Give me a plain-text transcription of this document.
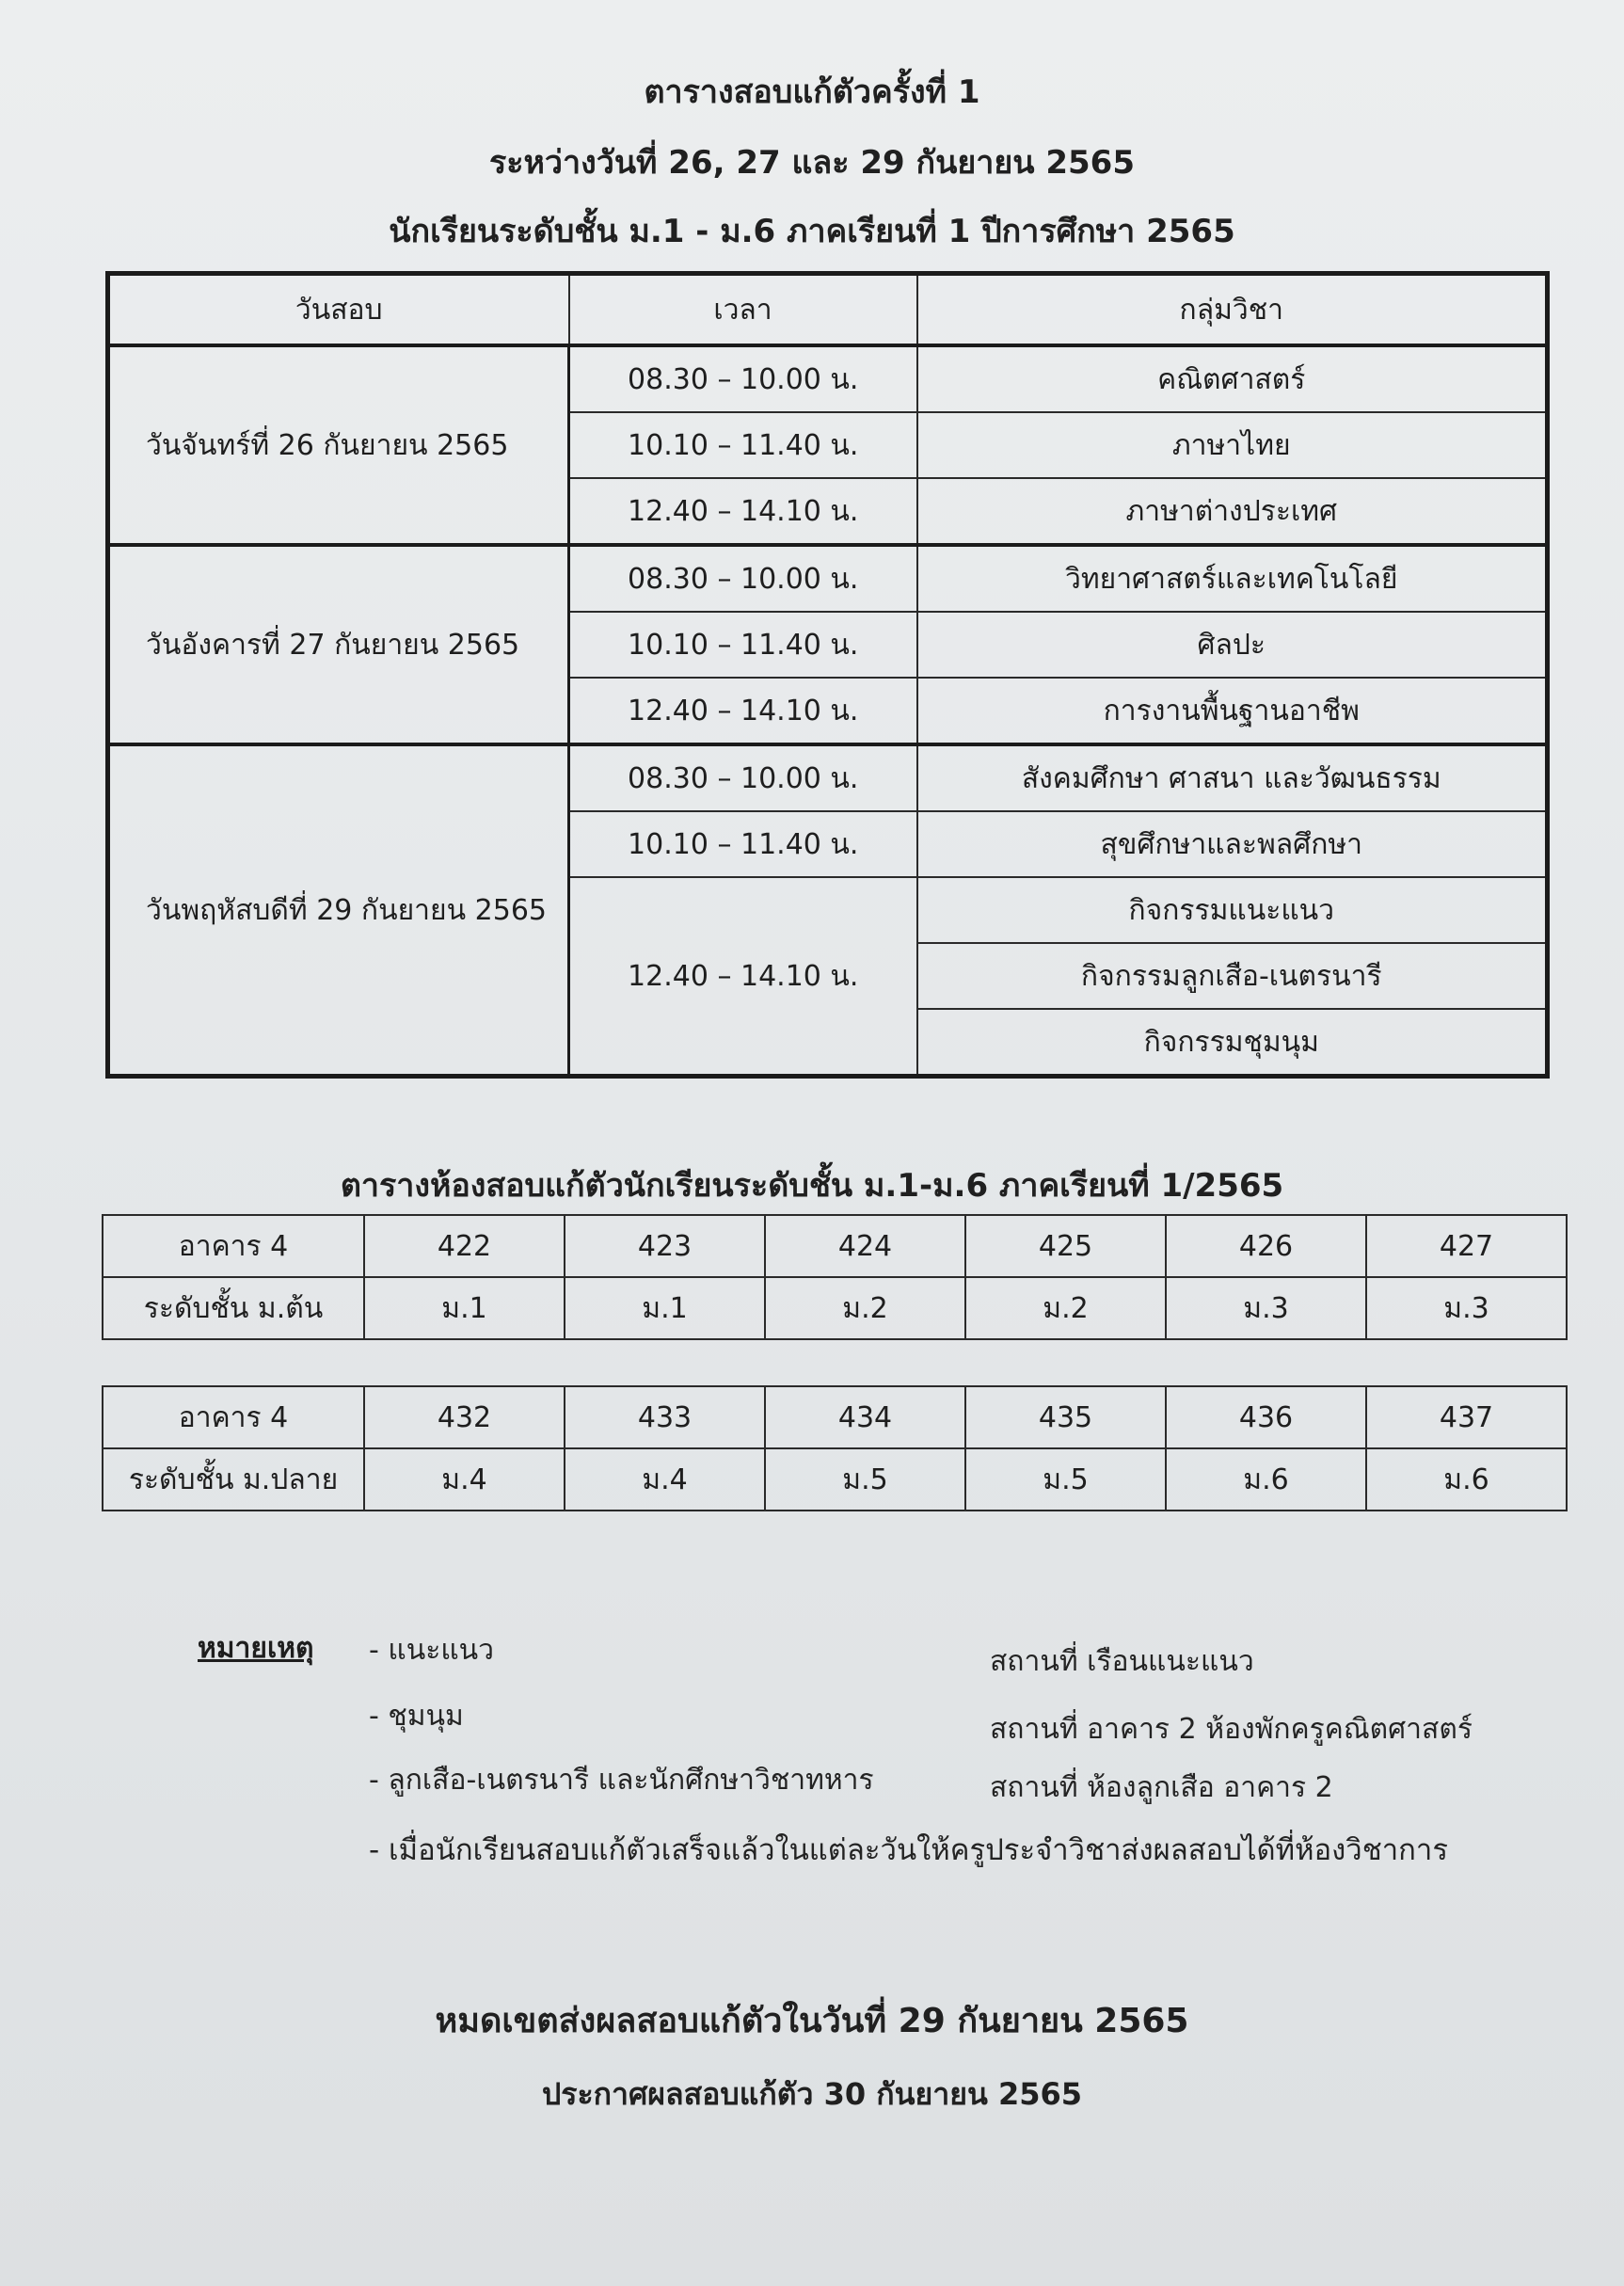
ตารางสอบแก้ตัวครั้งที่ 1
ระหว่างวันที่ 26, 27 และ 29 กันยายน 2565
นักเรียนระดับชั้น ม.1 - ม.6 ภาคเรียนที่ 1 ปีการศึกษา 2565
วันสอบ	เวลา	กลุ่มวิชา
วันจันทร์ที่ 26 กันยายน 2565	08.30 – 10.00 น.	คณิตศาสตร์
	10.10 – 11.40 น.	ภาษาไทย
	12.40 – 14.10 น.	ภาษาต่างประเทศ
วันอังคารที่ 27 กันยายน 2565	08.30 – 10.00 น.	วิทยาศาสตร์และเทคโนโลยี
	10.10 – 11.40 น.	ศิลปะ
	12.40 – 14.10 น.	การงานพื้นฐานอาชีพ
วันพฤหัสบดีที่ 29 กันยายน 2565	08.30 – 10.00 น.	สังคมศึกษา ศาสนา และวัฒนธรรม
	10.10 – 11.40 น.	สุขศึกษาและพลศึกษา
	12.40 – 14.10 น.	กิจกรรมแนะแนว
		กิจกรรมลูกเสือ-เนตรนารี
		กิจกรรมชุมนุม
ตารางห้องสอบแก้ตัวนักเรียนระดับชั้น ม.1-ม.6 ภาคเรียนที่ 1/2565
อาคาร 4	422	423	424	425	426	427
ระดับชั้น ม.ต้น	ม.1	ม.1	ม.2	ม.2	ม.3	ม.3
อาคาร 4	432	433	434	435	436	437
ระดับชั้น ม.ปลาย	ม.4	ม.4	ม.5	ม.5	ม.6	ม.6
หมายเหตุ - แนะแนว
- ชุมนุม
- ลูกเสือ-เนตรนารี และนักศึกษาวิชาทหาร
- เมื่อนักเรียนสอบแก้ตัวเสร็จแล้วในแต่ละวันให้ครูประจำวิชาส่งผลสอบได้ที่ห้องวิชาการ
สถานที่ เรือนแนะแนว
สถานที่ อาคาร 2 ห้องพักครูคณิตศาสตร์
สถานที่ ห้องลูกเสือ อาคาร 2
หมดเขตส่งผลสอบแก้ตัวในวันที่ 29 กันยายน 2565
ประกาศผลสอบแก้ตัว 30 กันยายน 2565
